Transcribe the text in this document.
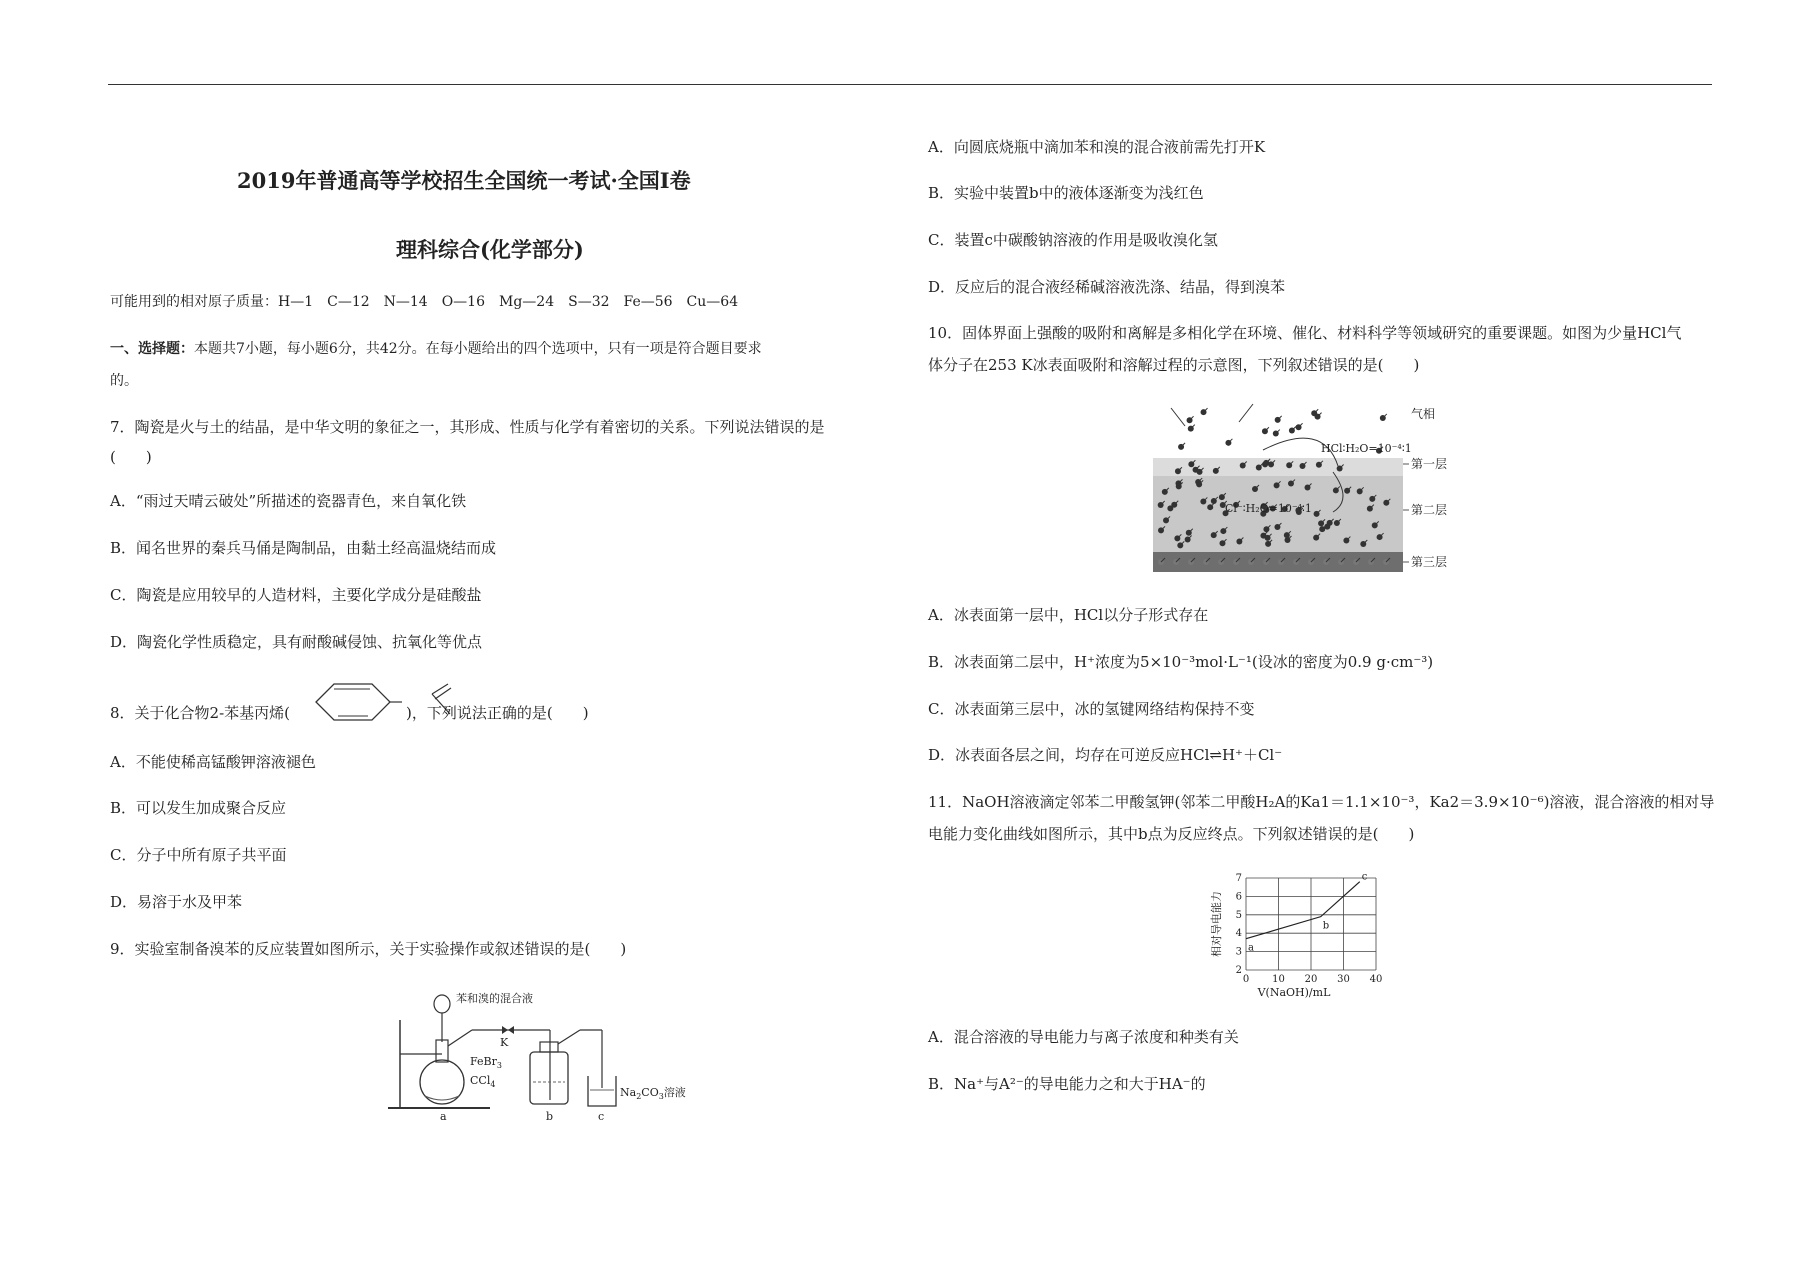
2019年普通高等学校招生全国统一考试·全国Ⅰ卷
理科综合(化学部分)
可能用到的相对原子质量：H—1　C—12　N—14　O—16　Mg—24　S—32　Fe—56　Cu—64
一、选择题：本题共7小题，每小题6分，共42分。在每小题给出的四个选项中，只有一项是符合题目要求
的。
7．陶瓷是火与土的结晶，是中华文明的象征之一，其形成、性质与化学有着密切的关系。下列说法错误的是
(　　)
A．“雨过天晴云破处”所描述的瓷器青色，来自氧化铁
B．闻名世界的秦兵马俑是陶制品，由黏土经高温烧结而成
C．陶瓷是应用较早的人造材料，主要化学成分是硅酸盐
D．陶瓷化学性质稳定，具有耐酸碱侵蚀、抗氧化等优点
8．关于化合物2-苯基丙烯(	)，下列说法正确的是(　　)
A．不能使稀高锰酸钾溶液褪色
B．可以发生加成聚合反应
C．分子中所有原子共平面
D．易溶于水及甲苯
9．实验室制备溴苯的反应装置如图所示，关于实验操作或叙述错误的是(　　)
苯和溴的混合液
K
FeBr$_3$
CCl$_4$
$Na_2CO_3$溶液
a	b	c
A．向圆底烧瓶中滴加苯和溴的混合液前需先打开K
B．实验中装置b中的液体逐渐变为浅红色
C．装置c中碳酸钠溶液的作用是吸收溴化氢
D．反应后的混合液经稀碱溶液洗涤、结晶，得到溴苯
10．固体界面上强酸的吸附和离解是多相化学在环境、催化、材料科学等领域研究的重要课题。如图为少量HCl气
体分子在253 K冰表面吸附和溶解过程的示意图，下列叙述错误的是(　　)
气相
HCl∶H₂O=10⁻⁴∶1
Cl⁻∶H₂O=10⁻⁴∶1
第一层
第二层
第三层
A．冰表面第一层中，HCl以分子形式存在
B．冰表面第二层中，H⁺浓度为5×10⁻³mol·L⁻¹(设冰的密度为0.9 g·cm⁻³)
C．冰表面第三层中，冰的氢键网络结构保持不变
D．冰表面各层之间，均存在可逆反应HCl⇌H⁺＋Cl⁻
11．NaOH溶液滴定邻苯二甲酸氢钾(邻苯二甲酸H₂A的Ka1＝1.1×10⁻³，Ka2＝3.9×10⁻⁶)溶液，混合溶液的相对导
电能力变化曲线如图所示，其中b点为反应终点。下列叙述错误的是(　　)
0 10 20 30 40
2
3
4
5
6
7
a
b
c
V(NaOH)/mL
相对导电能力
A．混合溶液的导电能力与离子浓度和种类有关
B．Na⁺与A²⁻的导电能力之和大于HA⁻的
